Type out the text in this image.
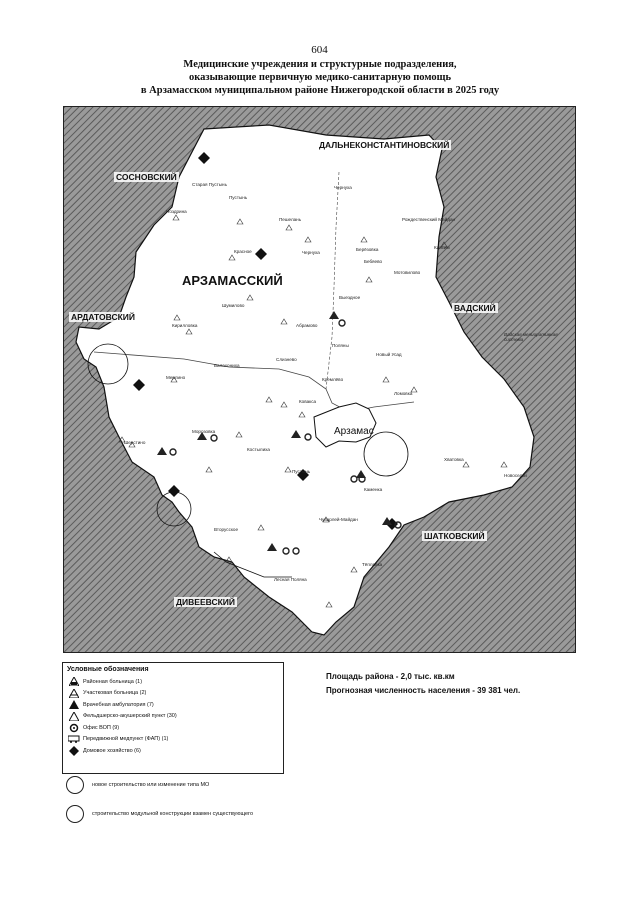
604
Медицинские учреждения и структурные подразделения,
оказывающие первичную медико-санитарную помощь
в Арзамасском муниципальном районе Нижегородской области в 2025 году
СОСНОВСКИЙ
ДАЛЬНЕКОНСТАНТИНОВСКИЙ
АРДАТОВСКИЙ
ВАДСКИЙ
ШАТКОВСКИЙ
ДИВЕЕВСКИЙ
АРЗАМАССКИЙ
Арзамас
Старая Пустынь
Пустынь
Ноздрина
Пешелань
Красное	Чернуха
Чернуха
Берёзовка
Рождественский Майдан
Кавсим
Бебяево
Мотовилово
Выездное
Шумилово
Кирилловка	Абрамово
Поляны
Новый Усад
Балахониха
Слизнево
Кремлёво
Мерлино
Ломовка
Ковакса
Морозовка
Костылиха
Пустынь
Каменка
Чуварлей-Майдан
Вторусское
Тёпловка
Хватовка
Новоселки
Шерстино
Лесная Поляна
Вадская мелиоративная система
Условные обозначения
Районная больница (1)
Участковая больница (2)
Врачебная амбулатория (7)
Фельдшерско-акушерский пункт (30)
Офис ВОП (9)
Передвижной медпункт (ФАП) (1)
Домовое хозяйство (6)
новое строительство или изменение типа МО
строительство модульной конструкции взамен существующего
Площадь района - 2,0 тыс. кв.км
Прогнозная численность населения - 39 381 чел.
